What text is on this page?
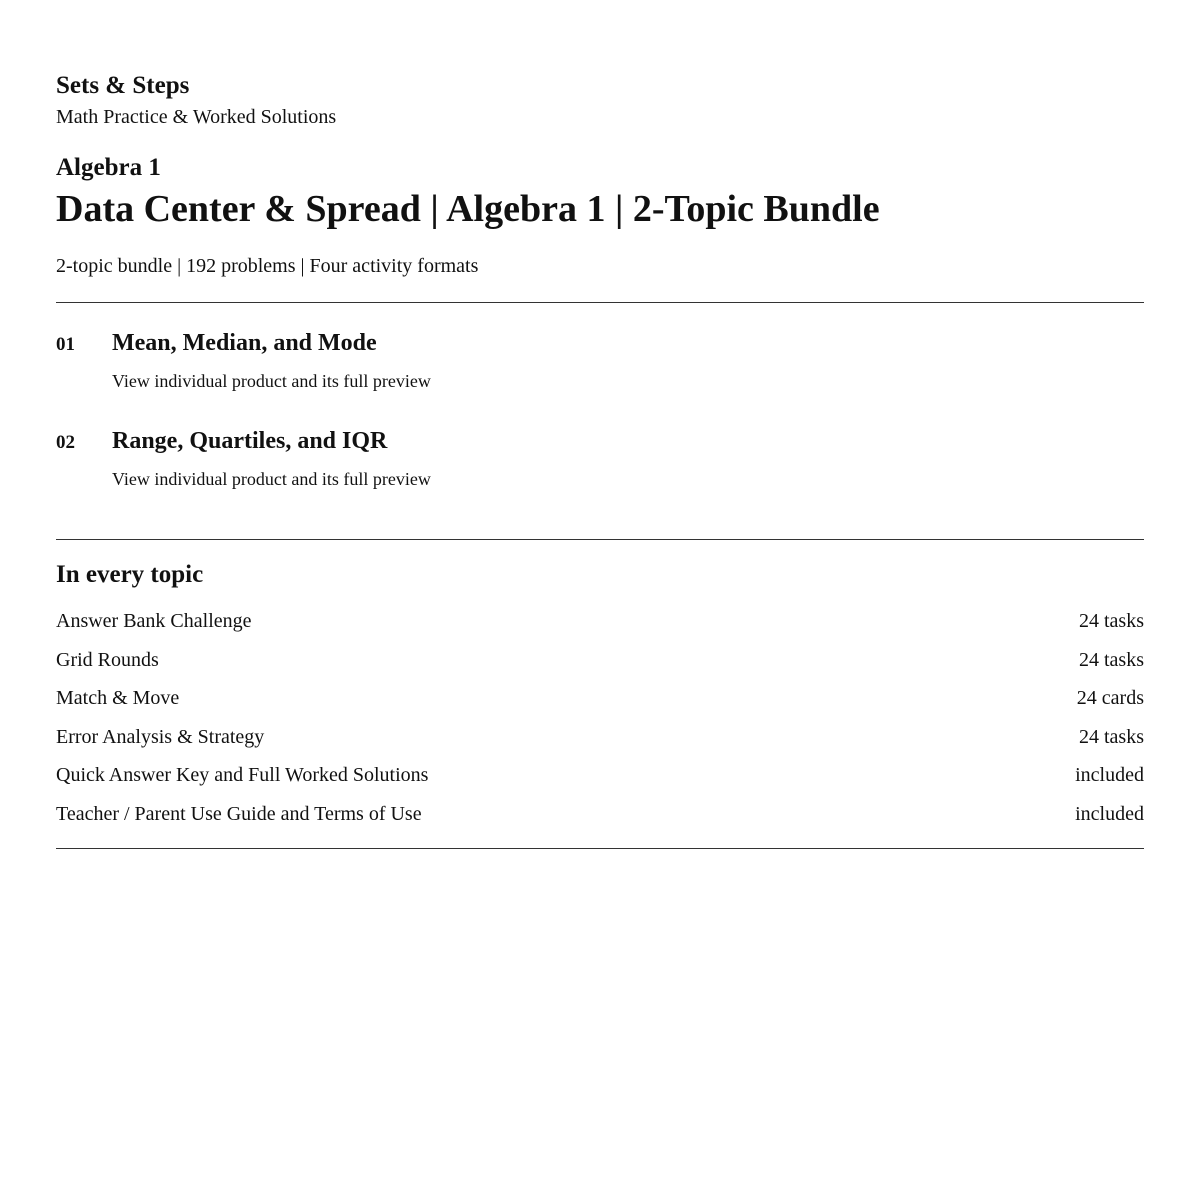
Sets & Steps
Math Practice & Worked Solutions
Algebra 1
Data Center & Spread | Algebra 1 | 2-Topic Bundle
2-topic bundle | 192 problems | Four activity formats
01 Mean, Median, and Mode
View individual product and its full preview
02 Range, Quartiles, and IQR
View individual product and its full preview
In every topic
Answer Bank Challenge	24 tasks
Grid Rounds	24 tasks
Match & Move	24 cards
Error Analysis & Strategy	24 tasks
Quick Answer Key and Full Worked Solutions	included
Teacher / Parent Use Guide and Terms of Use	included
